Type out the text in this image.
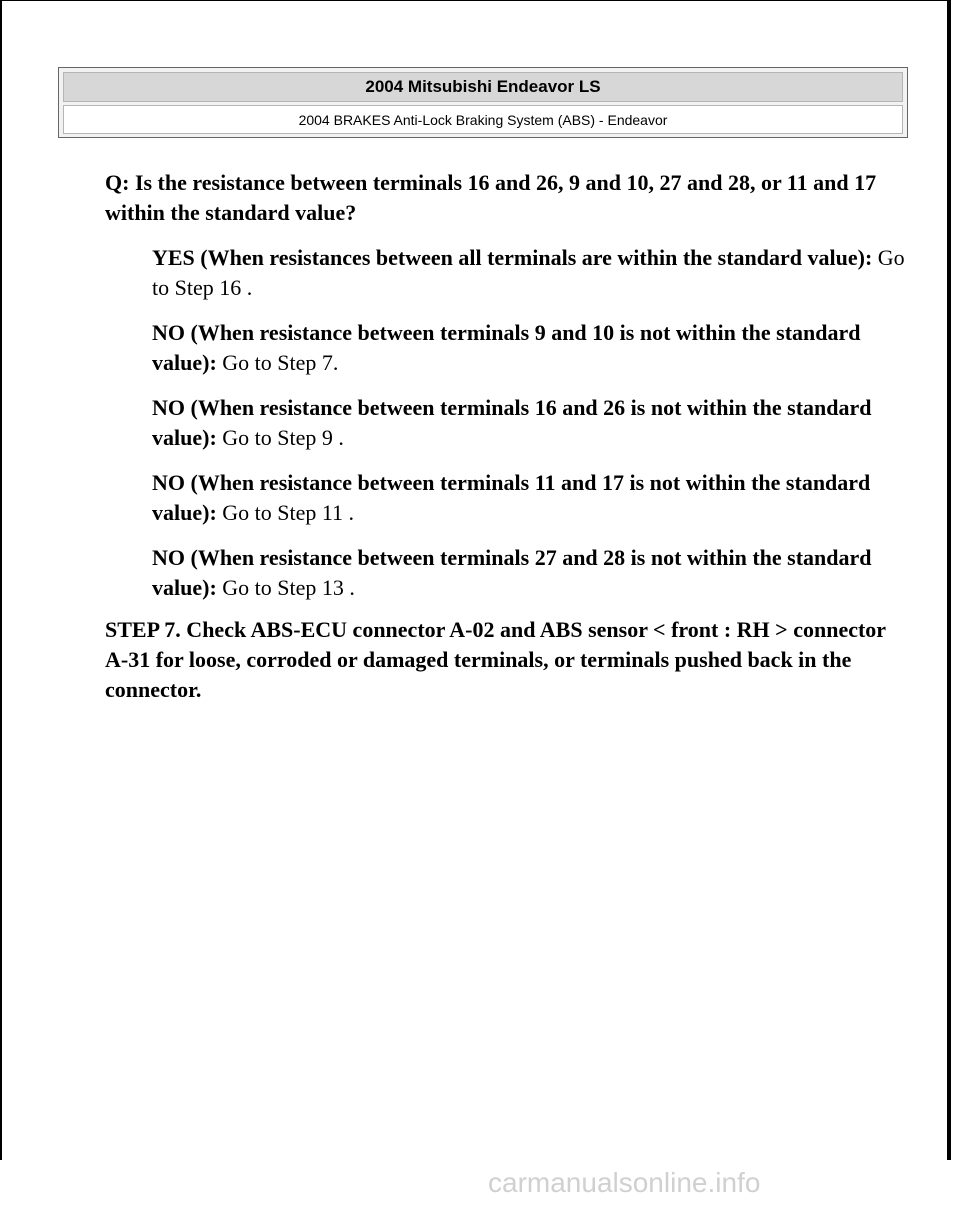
2004 Mitsubishi Endeavor LS
2004 BRAKES Anti-Lock Braking System (ABS) - Endeavor

Q: Is the resistance between terminals 16 and 26, 9 and 10, 27 and 28, or 11 and 17 within the standard value?

YES (When resistances between all terminals are within the standard value): Go to Step 16 .

NO (When resistance between terminals 9 and 10 is not within the standard value): Go to Step 7.

NO (When resistance between terminals 16 and 26 is not within the standard value): Go to Step 9 .

NO (When resistance between terminals 11 and 17 is not within the standard value): Go to Step 11 .

NO (When resistance between terminals 27 and 28 is not within the standard value): Go to Step 13 .

STEP 7. Check ABS-ECU connector A-02 and ABS sensor < front : RH > connector A-31 for loose, corroded or damaged terminals, or terminals pushed back in the connector.

carmanualsonline.info
